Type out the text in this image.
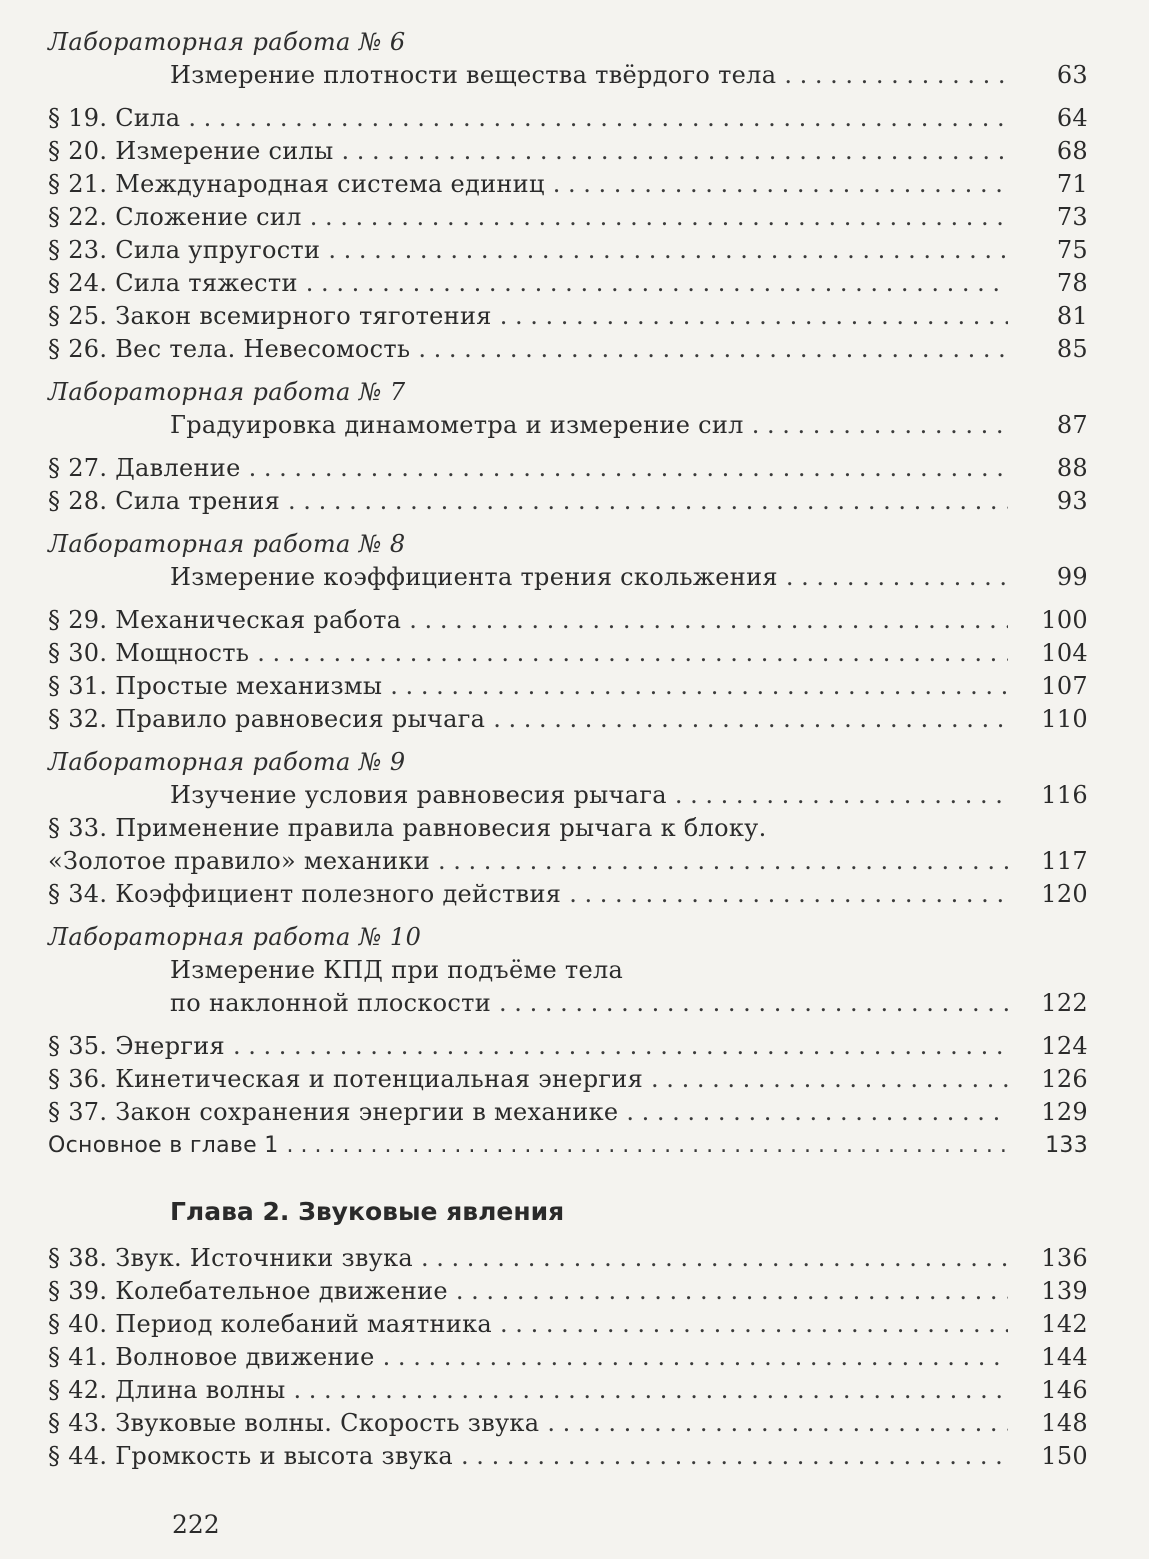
Лабораторная работа № 6
Измерение плотности вещества твёрдого тела . . .	63
§ 19. Сила . . .	64
§ 20. Измерение силы . . .	68
§ 21. Международная система единиц . . .	71
§ 22. Сложение сил . . .	73
§ 23. Сила упругости . . .	75
§ 24. Сила тяжести . . .	78
§ 25. Закон всемирного тяготения . . .	81
§ 26. Вес тела. Невесомость . . .	85
Лабораторная работа № 7
Градуировка динамометра и измерение сил . . .	87
§ 27. Давление . . .	88
§ 28. Сила трения . . .	93
Лабораторная работа № 8
Измерение коэффициента трения скольжения . . .	99
§ 29. Механическая работа . . .	100
§ 30. Мощность . . .	104
§ 31. Простые механизмы . . .	107
§ 32. Правило равновесия рычага . . .	110
Лабораторная работа № 9
Изучение условия равновесия рычага . . .	116
§ 33. Применение правила равновесия рычага к блоку.
«Золотое правило» механики . . .	117
§ 34. Коэффициент полезного действия . . .	120
Лабораторная работа № 10
Измерение КПД при подъёме тела
по наклонной плоскости . . .	122
§ 35. Энергия . . .	124
§ 36. Кинетическая и потенциальная энергия . . .	126
§ 37. Закон сохранения энергии в механике . . .	129
Основное в главе 1 . . .	133
Глава 2. Звуковые явления
§ 38. Звук. Источники звука . . .	136
§ 39. Колебательное движение . . .	139
§ 40. Период колебаний маятника . . .	142
§ 41. Волновое движение . . .	144
§ 42. Длина волны . . .	146
§ 43. Звуковые волны. Скорость звука . . .	148
§ 44. Громкость и высота звука . . .	150
222
